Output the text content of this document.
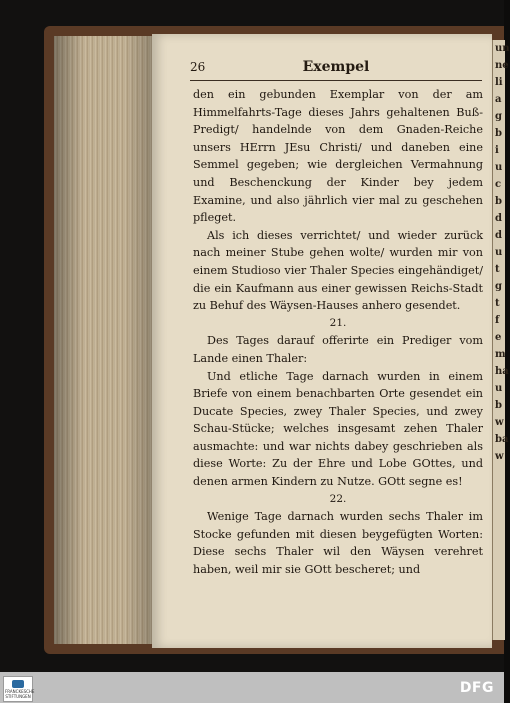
un
ne
li
a
g
b
i
u
c
b
d
d
u
t
g
t
f
e
m
ha
u
b
w
ba
w
26	Exempel

den ein gebunden Exemplar von der am Himmelfahrts-Tage dieses Jahrs gehaltenen Buß-Predigt/ handelnde von dem Gnaden-Reiche unsers HErrn JEsu Christi/ und daneben eine Semmel gegeben; wie dergleichen Vermahnung und Beschenckung der Kinder bey jedem Examine, und also jährlich vier mal zu geschehen pfleget.

Als ich dieses verrichtet/ und wieder zurück nach meiner Stube gehen wolte/ wurden mir von einem Studioso vier Thaler Species eingehändiget/ die ein Kaufmann aus einer gewissen Reichs-Stadt zu Behuf des Wäysen-Hauses anhero gesendet.

21.

Des Tages darauf offerirte ein Prediger vom Lande einen Thaler:

Und etliche Tage darnach wurden in einem Briefe von einem benachbarten Orte gesendet ein Ducate Species, zwey Thaler Species, und zwey Schau-Stücke; welches insgesamt zehen Thaler ausmachte: und war nichts dabey geschrieben als diese Worte: Zu der Ehre und Lobe GOttes, und denen armen Kindern zu Nutze. GOtt segne es!

22.

Wenige Tage darnach wurden sechs Thaler im Stocke gefunden mit diesen beygefügten Worten: Diese sechs Thaler wil den Wäysen verehret haben, weil mir sie GOtt bescheret; und

FRANCKESCHE STIFTUNGEN	DFG
